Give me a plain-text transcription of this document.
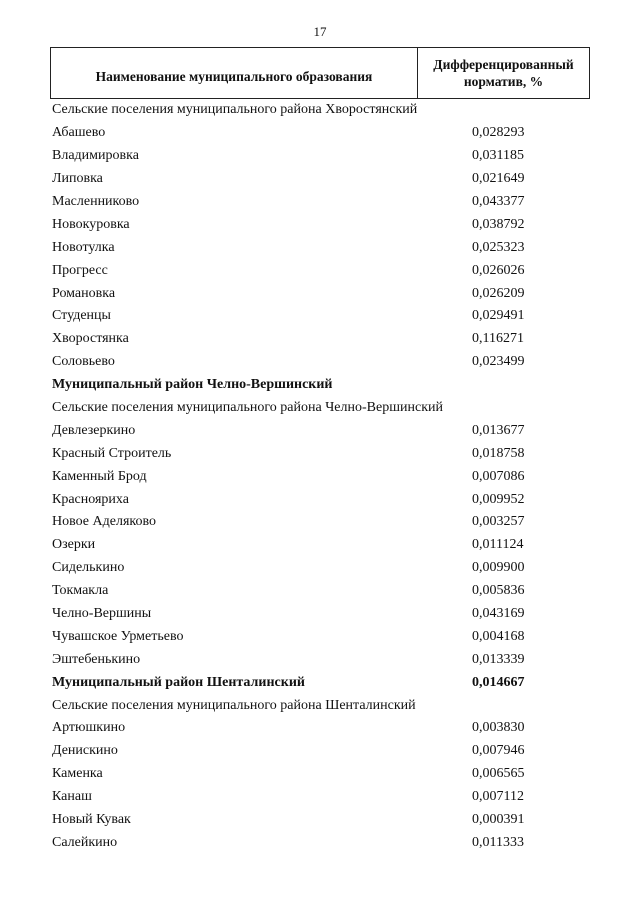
17
Наименование муниципального образования
Дифференцированный
норматив, %
Сельские поселения муниципального района Хворостянский
Абашево	0,028293
Владимировка	0,031185
Липовка	0,021649
Масленниково	0,043377
Новокуровка	0,038792
Новотулка	0,025323
Прогресс	0,026026
Романовка	0,026209
Студенцы	0,029491
Хворостянка	0,116271
Соловьево	0,023499
Муниципальный район Челно-Вершинский
Сельские поселения муниципального района Челно-Вершинский
Девлезеркино	0,013677
Красный Строитель	0,018758
Каменный Брод	0,007086
Краснояриха	0,009952
Новое Аделяково	0,003257
Озерки	0,011124
Сиделькино	0,009900
Токмакла	0,005836
Челно-Вершины	0,043169
Чувашское Урметьево	0,004168
Эштебенькино	0,013339
Муниципальный район Шенталинский	0,014667
Сельские поселения муниципального района Шенталинский
Артюшкино	0,003830
Денискино	0,007946
Каменка	0,006565
Канаш	0,007112
Новый Кувак	0,000391
Салейкино	0,011333
